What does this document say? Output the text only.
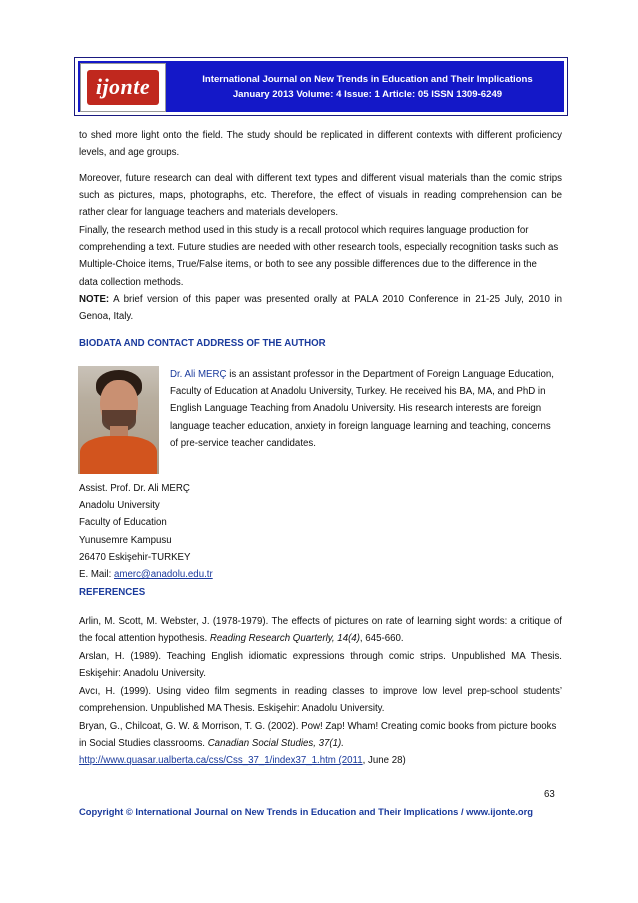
ijonte	International Journal on New Trends in Education and Their Implications
January 2013 Volume: 4 Issue: 1 Article: 05 ISSN 1309-6249

to shed more light onto the field. The study should be replicated in different contexts with different proficiency levels, and age groups.

Moreover, future research can deal with different text types and different visual materials than the comic strips such as pictures, maps, photographs, etc. Therefore, the effect of visuals in reading comprehension can be rather clear for language teachers and materials developers.

Finally, the research method used in this study is a recall protocol which requires language production for
comprehending a text. Future studies are needed with other research tools, especially recognition tasks such as
Multiple-Choice items, True/False items, or both to see any possible differences due to the difference in the
data collection methods.

NOTE: A brief version of this paper was presented orally at PALA 2010 Conference in 21-25 July, 2010 in Genoa, Italy.

BIODATA AND CONTACT ADDRESS OF THE AUTHOR
Dr. Ali MERÇ is an assistant professor in the Department of Foreign Language Education,
Faculty of Education at Anadolu University, Turkey. He received his BA, MA, and PhD in
English Language Teaching from Anadolu University. His research interests are foreign
language teacher education, anxiety in foreign language learning and teaching, concerns
of pre-service teacher candidates.
Assist. Prof. Dr. Ali MERÇ
Anadolu University
Faculty of Education
Yunusemre Kampusu
26470 Eskişehir-TURKEY
E. Mail: amerc@anadolu.edu.tr
REFERENCES

Arlin, M. Scott, M. Webster, J. (1978-1979). The effects of pictures on rate of learning sight words: a critique of the focal attention hypothesis. Reading Research Quarterly, 14(4), 645-660.

Arslan, H. (1989). Teaching English idiomatic expressions through comic strips. Unpublished MA Thesis. Eskişehir: Anadolu University.

Avcı, H. (1999). Using video film segments in reading classes to improve low level prep-school students’ comprehension. Unpublished MA Thesis. Eskişehir: Anadolu University.

Bryan, G., Chilcoat, G. W. & Morrison, T. G. (2002). Pow! Zap! Wham! Creating comic books from picture books
in Social Studies classrooms. Canadian Social Studies, 37(1).
http://www.quasar.ualberta.ca/css/Css_37_1/index37_1.htm (2011, June 28)
63
Copyright © International Journal on New Trends in Education and Their Implications / www.ijonte.org
